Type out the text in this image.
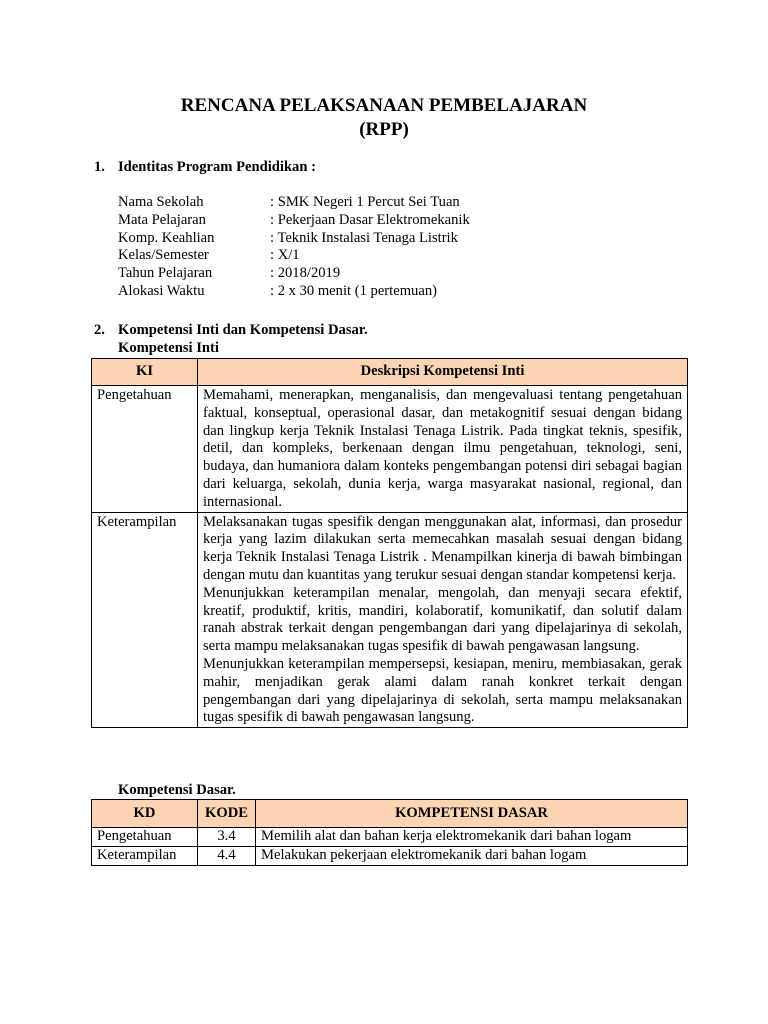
RENCANA PELAKSANAAN PEMBELAJARAN
(RPP)
1. Identitas Program Pendidikan :
Nama Sekolah	: SMK Negeri 1 Percut Sei Tuan
Mata Pelajaran	: Pekerjaan Dasar Elektromekanik
Komp. Keahlian	: Teknik Instalasi Tenaga Listrik
Kelas/Semester	: X/1
Tahun Pelajaran	: 2018/2019
Alokasi Waktu	: 2 x 30 menit (1 pertemuan)
2. Kompetensi Inti dan Kompetensi Dasar.
Kompetensi Inti
KI	Deskripsi Kompetensi Inti
Pengetahuan	Memahami, menerapkan, menganalisis, dan mengevaluasi tentang pengetahuan faktual, konseptual, operasional dasar, dan metakognitif sesuai dengan bidang dan lingkup kerja Teknik Instalasi Tenaga Listrik. Pada tingkat teknis, spesifik, detil, dan kompleks, berkenaan dengan ilmu pengetahuan, teknologi, seni, budaya, dan humaniora dalam konteks pengembangan potensi diri sebagai bagian dari keluarga, sekolah, dunia kerja, warga masyarakat nasional, regional, dan internasional.

Keterampilan	Melaksanakan tugas spesifik dengan menggunakan alat, informasi, dan prosedur kerja yang lazim dilakukan serta memecahkan masalah sesuai dengan bidang kerja Teknik Instalasi Tenaga Listrik . Menampilkan kinerja di bawah bimbingan dengan mutu dan kuantitas yang terukur sesuai dengan standar kompetensi kerja.
Menunjukkan keterampilan menalar, mengolah, dan menyaji secara efektif, kreatif, produktif, kritis, mandiri, kolaboratif, komunikatif, dan solutif dalam ranah abstrak terkait dengan pengembangan dari yang dipelajarinya di sekolah, serta mampu melaksanakan tugas spesifik di bawah pengawasan langsung.
Menunjukkan keterampilan mempersepsi, kesiapan, meniru, membiasakan, gerak mahir, menjadikan gerak alami dalam ranah konkret terkait dengan pengembangan dari yang dipelajarinya di sekolah, serta mampu melaksanakan tugas spesifik di bawah pengawasan langsung.
Kompetensi Dasar.
KD	KODE	KOMPETENSI DASAR
Pengetahuan	3.4	Memilih alat dan bahan kerja elektromekanik dari bahan logam
Keterampilan	4.4	Melakukan pekerjaan elektromekanik dari bahan logam
